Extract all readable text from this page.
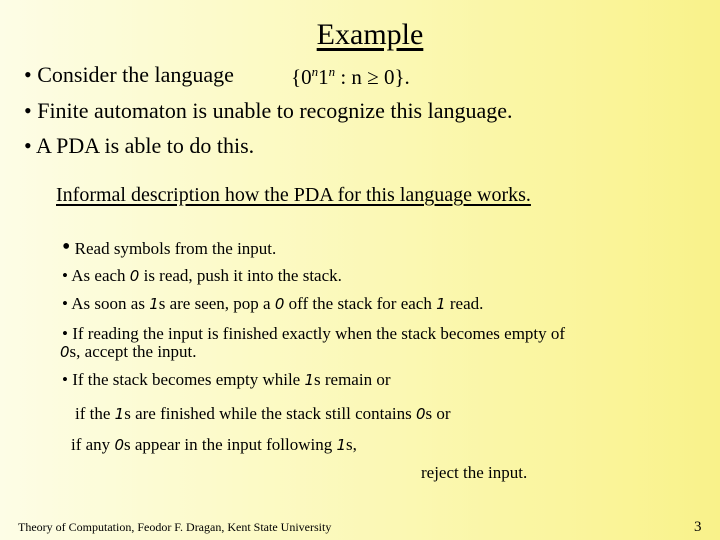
Example
• Consider the language	{0$^n$1$^n$ : n ≥ 0}.
• Finite automaton is unable to recognize this language.
• A PDA is able to do this.
Informal description how the PDA for this language works.
• Read symbols from the input.
• As each 0 is read, push it into the stack.
• As soon as 1s are seen, pop a 0 off the stack for each 1 read.
• If reading the input is finished exactly when the stack becomes empty of
0s, accept the input.
• If the stack becomes empty while 1s remain or
if the 1s are finished while the stack still contains 0s or
if any 0s appear in the input following 1s,
reject the input.
Theory of Computation, Feodor F. Dragan, Kent State University	3
